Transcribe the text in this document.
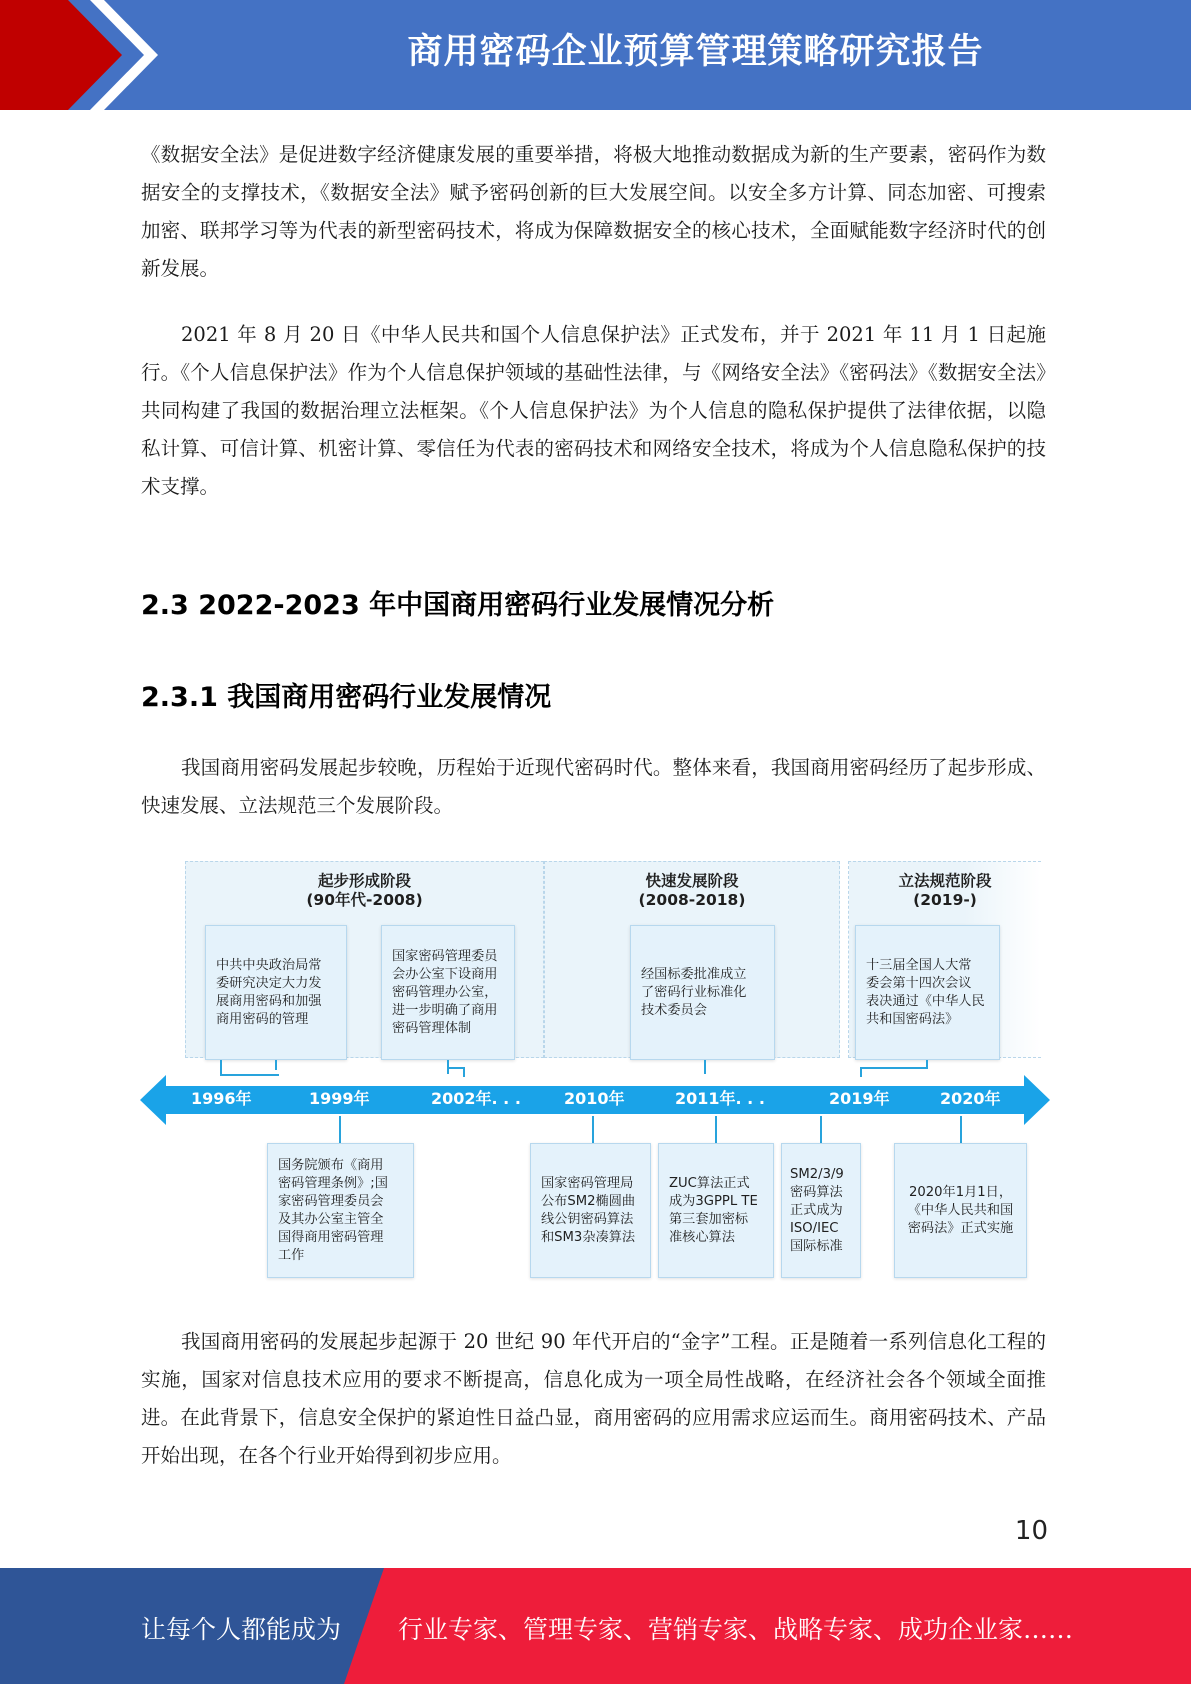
商用密码企业预算管理策略研究报告

《数据安全法》是促进数字经济健康发展的重要举措，将极大地推动数据成为新的生产要素，密码作为数据安全的支撑技术，《数据安全法》赋予密码创新的巨大发展空间。以安全多方计算、同态加密、可搜索加密、联邦学习等为代表的新型密码技术，将成为保障数据安全的核心技术，全面赋能数字经济时代的创新发展。

2021 年 8 月 20 日《中华人民共和国个人信息保护法》正式发布，并于 2021 年 11 月 1 日起施行。《个人信息保护法》作为个人信息保护领域的基础性法律，与《网络安全法》《密码法》《数据安全法》共同构建了我国的数据治理立法框架。《个人信息保护法》为个人信息的隐私保护提供了法律依据，以隐私计算、可信计算、机密计算、零信任为代表的密码技术和网络安全技术，将成为个人信息隐私保护的技术支撑。

2.3 2022-2023 年中国商用密码行业发展情况分析
2.3.1 我国商用密码行业发展情况

我国商用密码发展起步较晚，历程始于近现代密码时代。整体来看，我国商用密码经历了起步形成、快速发展、立法规范三个发展阶段。

起步形成阶段
(90年代-2008)
快速发展阶段
(2008-2018)
立法规范阶段
(2019-)
中共中央政治局常
委研究决定大力发
展商用密码和加强
商用密码的管理
国家密码管理委员
会办公室下设商用
密码管理办公室，
进一步明确了商用
密码管理体制
经国标委批准成立
了密码行业标准化
技术委员会
十三届全国人大常
委会第十四次会议
表决通过《中华人民
共和国密码法》
1996年	1999年	2002年. . .	2010年	2011年. . .	2019年	2020年
国务院颁布《商用
密码管理条例》;国
家密码管理委员会
及其办公室主管全
国得商用密码管理
工作
国家密码管理局
公布SM2椭圆曲
线公钥密码算法
和SM3杂凑算法
ZUC算法正式
成为3GPPL TE
第三套加密标
准核心算法
SM2/3/9
密码算法
正式成为
ISO/IEC
国际标准
2020年1月1日，
《中华人民共和国
密码法》正式实施

我国商用密码的发展起步起源于 20 世纪 90 年代开启的“金字”工程。正是随着一系列信息化工程的实施，国家对信息技术应用的要求不断提高，信息化成为一项全局性战略，在经济社会各个领域全面推进。在此背景下，信息安全保护的紧迫性日益凸显，商用密码的应用需求应运而生。商用密码技术、产品开始出现，在各个行业开始得到初步应用。

10
让每个人都能成为 行业专家、管理专家、营销专家、战略专家、成功企业家……
